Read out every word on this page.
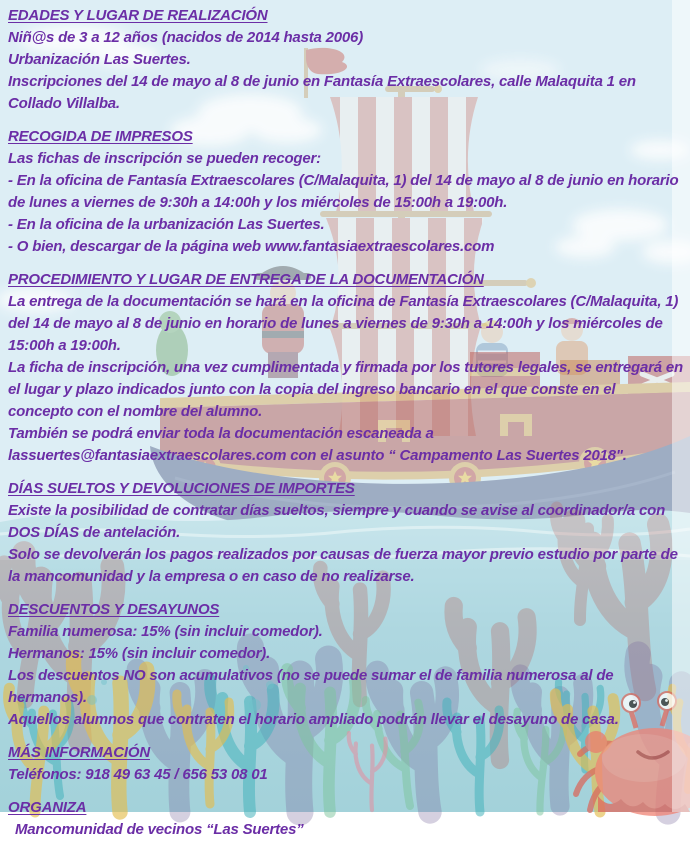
EDADES Y LUGAR DE REALIZACIÓN

Niñ@s de 3 a 12 años (nacidos de 2014 hasta 2006)

Urbanización Las Suertes.

Inscripciones del 14 de mayo al 8 de junio en Fantasía Extraescolares, calle Malaquita 1 en Collado Villalba.

RECOGIDA DE IMPRESOS

Las fichas de inscripción se pueden recoger:

- En la oficina de Fantasía Extraescolares (C/Malaquita, 1) del 14 de mayo al 8 de junio en horario de lunes a viernes de 9:30h a 14:00h y los miércoles de 15:00h a 19:00h.

- En la oficina de la urbanización Las Suertes.

- O bien, descargar de la página web www.fantasiaextraescolares.com

PROCEDIMIENTO Y LUGAR DE ENTREGA DE LA DOCUMENTACIÓN

La entrega de la documentación se hará en la oficina de Fantasía Extraescolares (C/Malaquita, 1) del 14 de mayo al 8 de junio en horario de lunes a viernes de 9:30h a 14:00h y los miércoles de 15:00h a 19:00h.

La ficha de inscripción, una vez cumplimentada y firmada por los tutores legales, se entregará en el lugar y plazo indicados junto con la copia del ingreso bancario en el que conste en el concepto con el nombre del alumno.

También se podrá enviar toda la documentación escaneada a lassuertes@fantasiaextraescolares.com con el asunto “ Campamento Las Suertes 2018".

DÍAS SUELTOS Y DEVOLUCIONES DE IMPORTES

Existe la posibilidad de contratar días sueltos, siempre y cuando se avise al coordinador/a con DOS DÍAS de antelación.

Solo se devolverán los pagos realizados por causas de fuerza mayor previo estudio por parte de la mancomunidad y la empresa o en caso de no realizarse.

DESCUENTOS Y DESAYUNOS

Familia numerosa: 15% (sin incluir comedor).

Hermanos: 15% (sin incluir comedor).

Los descuentos NO son acumulativos (no se puede sumar el de familia numerosa al de hermanos).

Aquellos alumnos que contraten el horario ampliado podrán llevar el desayuno de casa.

MÁS INFORMACIÓN

Teléfonos: 918 49 63 45 / 656 53 08 01

ORGANIZA

Mancomunidad de vecinos “Las Suertes”
